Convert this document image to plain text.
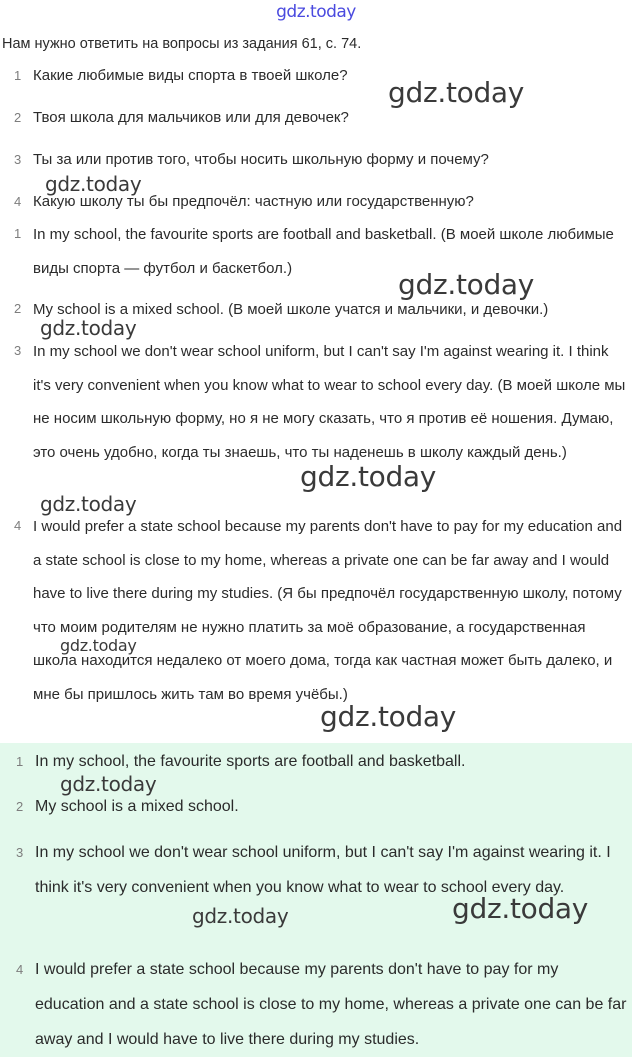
gdz.today
Нам нужно ответить на вопросы из задания 61, с. 74.
1 Какие любимые виды спорта в твоей школе?
2 Твоя школа для мальчиков или для девочек?
3 Ты за или против того, чтобы носить школьную форму и почему?
4 Какую школу ты бы предпочёл: частную или государственную?
1 In my school, the favourite sports are football and basketball. (В моей школе любимые виды спорта — футбол и баскетбол.)
2 My school is a mixed school. (В моей школе учатся и мальчики, и девочки.)
3 In my school we don't wear school uniform, but I can't say I'm against wearing it. I think it's very convenient when you know what to wear to school every day. (В моей школе мы не носим школьную форму, но я не могу сказать, что я против её ношения. Думаю, это очень удобно, когда ты знаешь, что ты наденешь в школу каждый день.)
4 I would prefer a state school because my parents don't have to pay for my education and a state school is close to my home, whereas a private one can be far away and I would have to live there during my studies. (Я бы предпочёл государственную школу, потому что моим родителям не нужно платить за моё образование, а государственная школа находится недалеко от моего дома, тогда как частная может быть далеко, и мне бы пришлось жить там во время учёбы.)
1 In my school, the favourite sports are football and basketball.
2 My school is a mixed school.
3 In my school we don't wear school uniform, but I can't say I'm against wearing it. I think it's very convenient when you know what to wear to school every day.
4 I would prefer a state school because my parents don't have to pay for my education and a state school is close to my home, whereas a private one can be far away and I would have to live there during my studies.
gdz.today
gdz.today
gdz.today
gdz.today
gdz.today
gdz.today
gdz.today
gdz.today
gdz.today
gdz.today	gdz.today
